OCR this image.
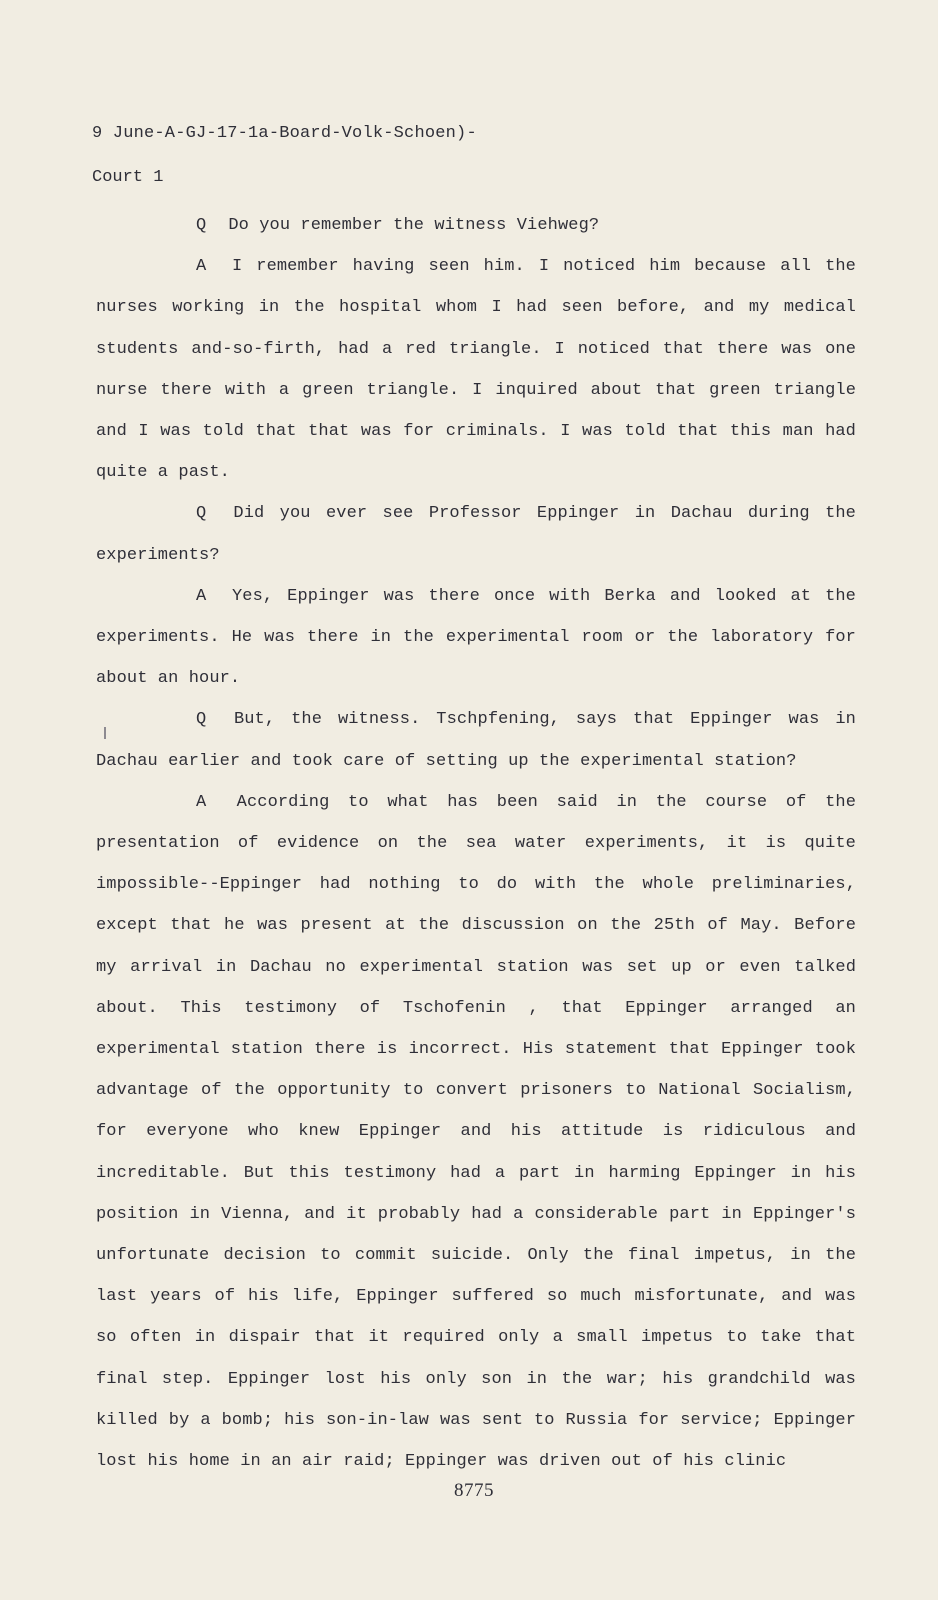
9 June-A-GJ-17-1a-Board-Volk-Schoen)-
Court 1

Q Do you remember the witness Viehweg?

A I remember having seen him. I noticed him because all the nurses working in the hospital whom I had seen before, and my medical students and-so-firth, had a red triangle. I noticed that there was one nurse there with a green triangle. I inquired about that green triangle and I was told that that was for criminals. I was told that this man had quite a past.

Q Did you ever see Professor Eppinger in Dachau during the experiments?

A Yes, Eppinger was there once with Berka and looked at the experiments. He was there in the experimental room or the laboratory for about an hour.

Q But, the witness. Tschpfening, says that Eppinger was in Dachau earlier and took care of setting up the experimental station?

A According to what has been said in the course of the presentation of evidence on the sea water experiments, it is quite impossible--Eppinger had nothing to do with the whole preliminaries, except that he was present at the discussion on the 25th of May. Before my arrival in Dachau no experimental station was set up or even talked about. This testimony of Tschofenin , that Eppinger arranged an experimental station there is incorrect. His statement that Eppinger took advantage of the opportunity to convert prisoners to National Socialism, for everyone who knew Eppinger and his attitude is ridiculous and increditable. But this testimony had a part in harming Eppinger in his position in Vienna, and it probably had a considerable part in Eppinger's unfortunate decision to commit suicide. Only the final impetus, in the last years of his life, Eppinger suffered so much misfortunate, and was so often in dispair that it required only a small impetus to take that final step. Eppinger lost his only son in the war; his grandchild was killed by a bomb; his son-in-law was sent to Russia for service; Eppinger lost his home in an air raid; Eppinger was driven out of his clinic

8775
